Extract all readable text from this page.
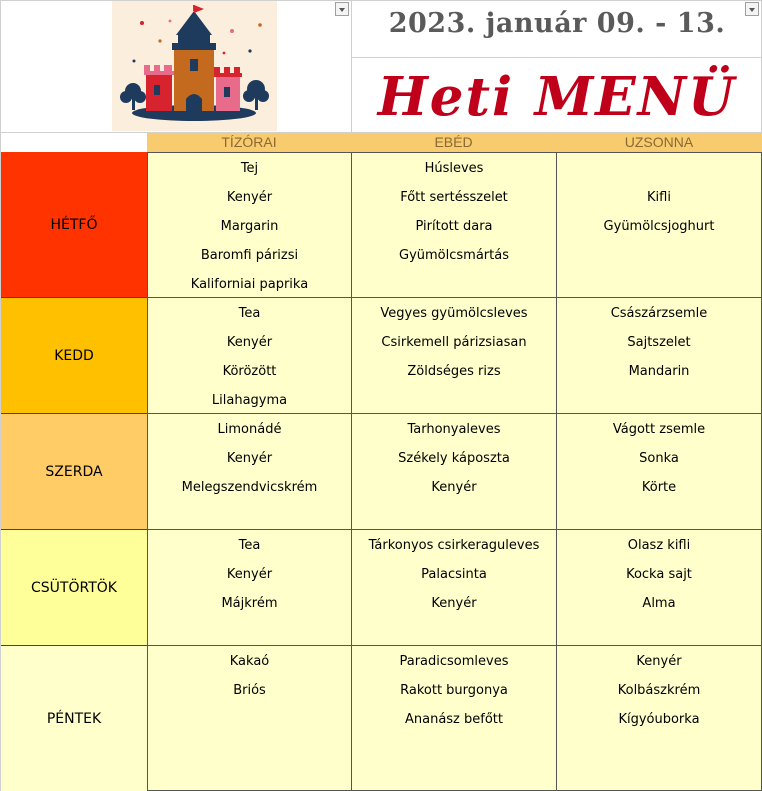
2023. január 09. - 13.
Heti MENÜ
TÍZÓRAI	EBÉD	UZSONNA
HÉTFŐ
Tej
Kenyér
Margarin
Baromfi párizsi
Kaliforniai paprika
Húsleves
Főtt sertésszelet
Pirított dara
Gyümölcsmártás
Kifli
Gyümölcsjoghurt
KEDD
Tea
Kenyér
Körözött
Lilahagyma
Vegyes gyümölcsleves
Csirkemell párizsiasan
Zöldséges rizs
Császárzsemle
Sajtszelet
Mandarin
SZERDA
Limonádé
Kenyér
Melegszendvicskrém
Tarhonyaleves
Székely káposzta
Kenyér
Vágott zsemle
Sonka
Körte
CSÜTÖRTÖK
Tea
Kenyér
Májkrém
Tárkonyos csirkeraguleves
Palacsinta
Kenyér
Olasz kifli
Kocka sajt
Alma
PÉNTEK
Kakaó
Briós
Paradicsomleves
Rakott burgonya
Ananász befőtt
Kenyér
Kolbászkrém
Kígyóuborka
